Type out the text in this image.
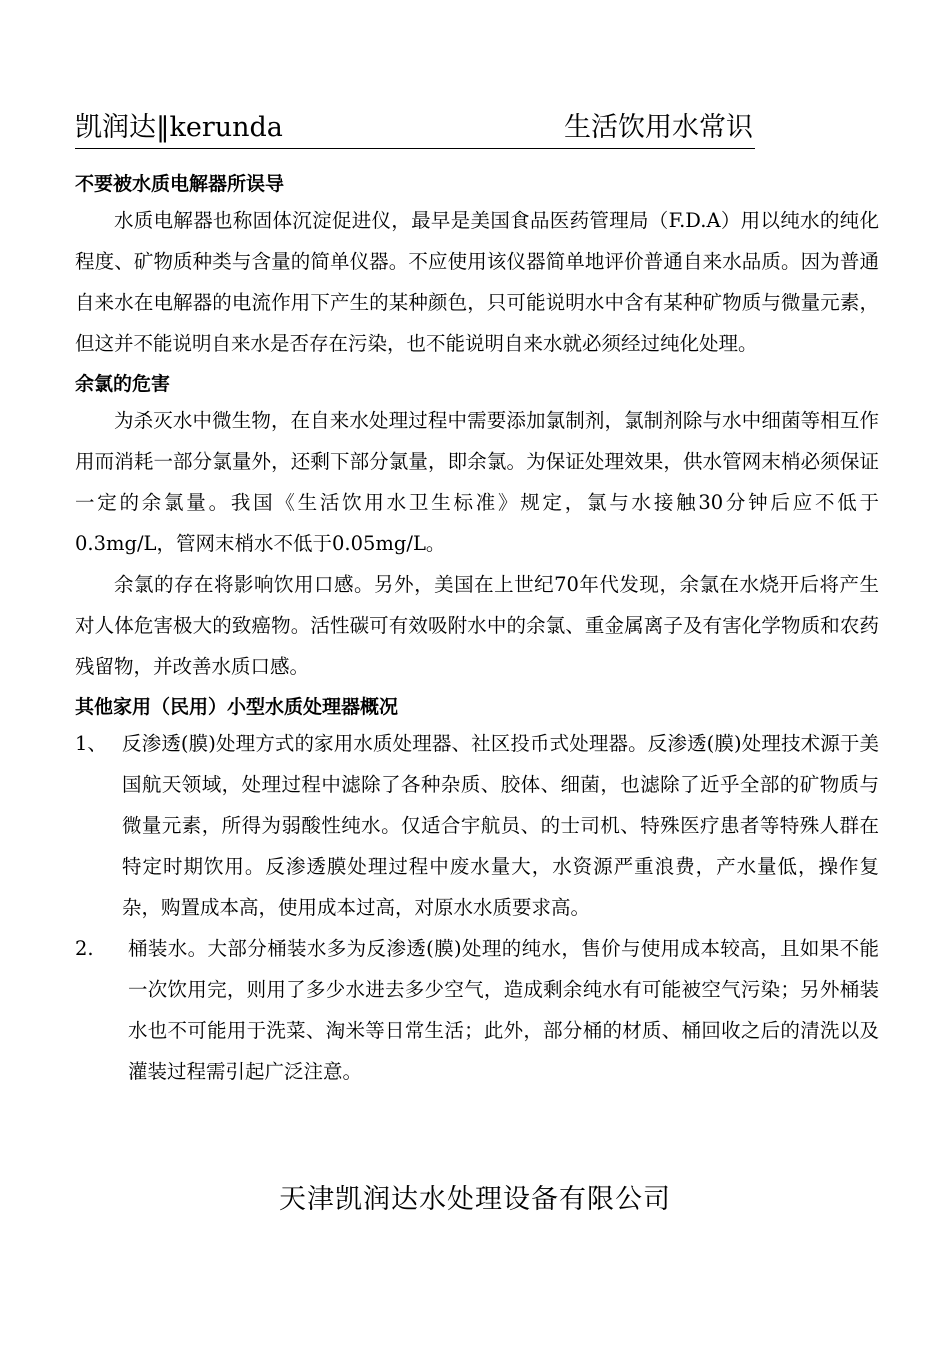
凯润达‖kerunda	生活饮用水常识
不要被水质电解器所误导

水质电解器也称固体沉淀促进仪，最早是美国食品医药管理局（F.D.A）用以纯水的纯化程度、矿物质种类与含量的简单仪器。不应使用该仪器简单地评价普通自来水品质。因为普通自来水在电解器的电流作用下产生的某种颜色，只可能说明水中含有某种矿物质与微量元素，但这并不能说明自来水是否存在污染，也不能说明自来水就必须经过纯化处理。

余氯的危害

为杀灭水中微生物，在自来水处理过程中需要添加氯制剂，氯制剂除与水中细菌等相互作用而消耗一部分氯量外，还剩下部分氯量，即余氯。为保证处理效果，供水管网末梢必须保证一定的余氯量。我国《生活饮用水卫生标准》规定，氯与水接触30分钟后应不低于0.3mg/L，管网末梢水不低于0.05mg/L。

余氯的存在将影响饮用口感。另外，美国在上世纪70年代发现，余氯在水烧开后将产生对人体危害极大的致癌物。活性碳可有效吸附水中的余氯、重金属离子及有害化学物质和农药残留物，并改善水质口感。

其他家用（民用）小型水质处理器概况
1、 反渗透(膜)处理方式的家用水质处理器、社区投币式处理器。反渗透(膜)处理技术源于美国航天领域，处理过程中滤除了各种杂质、胶体、细菌，也滤除了近乎全部的矿物质与微量元素，所得为弱酸性纯水。仅适合宇航员、的士司机、特殊医疗患者等特殊人群在特定时期饮用。反渗透膜处理过程中废水量大，水资源严重浪费，产水量低，操作复杂，购置成本高，使用成本过高，对原水水质要求高。
2. 桶装水。大部分桶装水多为反渗透(膜)处理的纯水，售价与使用成本较高，且如果不能一次饮用完，则用了多少水进去多少空气，造成剩余纯水有可能被空气污染；另外桶装水也不可能用于洗菜、淘米等日常生活；此外，部分桶的材质、桶回收之后的清洗以及灌装过程需引起广泛注意。
天津凯润达水处理设备有限公司
